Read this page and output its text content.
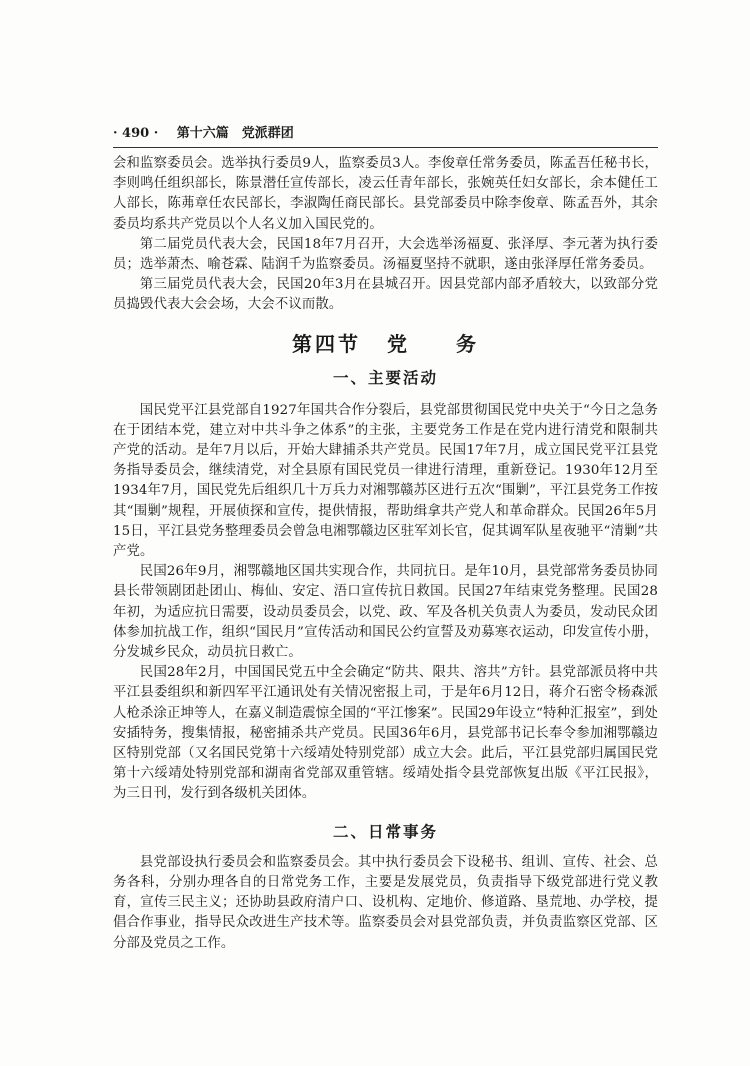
· 490 · 第十六篇　党派群团

会和监察委员会。选举执行委员9人，监察委员3人。李俊章任常务委员，陈孟吾任秘书长，李则鸣任组织部长，陈景潜任宣传部长，凌云任青年部长，张婉英任妇女部长，余本健任工人部长，陈茀章任农民部长，李淑陶任商民部长。县党部委员中除李俊章、陈孟吾外，其余委员均系共产党员以个人名义加入国民党的。

第二届党员代表大会，民国18年7月召开，大会选举汤福夏、张泽厚、李元著为执行委员；选举萧杰、喻苍霖、陆润千为监察委员。汤福夏坚持不就职，遂由张泽厚任常务委员。

第三届党员代表大会，民国20年3月在县城召开。因县党部内部矛盾较大，以致部分党员捣毁代表大会会场，大会不议而散。

第四节 党　　务
一、主要活动

国民党平江县党部自1927年国共合作分裂后，县党部贯彻国民党中央关于“今日之急务在于团结本党，建立对中共斗争之体系”的主张，主要党务工作是在党内进行清党和限制共产党的活动。是年7月以后，开始大肆捕杀共产党员。民国17年7月，成立国民党平江县党务指导委员会，继续清党，对全县原有国民党员一律进行清理，重新登记。1930年12月至1934年7月，国民党先后组织几十万兵力对湘鄂赣苏区进行五次“围剿”，平江县党务工作按其“围剿”规程，开展侦探和宣传，提供情报，帮助缉拿共产党人和革命群众。民国26年5月15日，平江县党务整理委员会曾急电湘鄂赣边区驻军刘长官，促其调军队星夜驰平“清剿”共产党。

民国26年9月，湘鄂赣地区国共实现合作，共同抗日。是年10月，县党部常务委员协同县长带领剧团赴团山、梅仙、安定、浯口宣传抗日救国。民国27年结束党务整理。民国28年初，为适应抗日需要，设动员委员会，以党、政、军及各机关负责人为委员，发动民众团体参加抗战工作，组织“国民月”宣传活动和国民公约宣誓及劝募寒衣运动，印发宣传小册，分发城乡民众，动员抗日救亡。

民国28年2月，中国国民党五中全会确定“防共、限共、溶共”方针。县党部派员将中共平江县委组织和新四军平江通讯处有关情况密报上司，于是年6月12日，蒋介石密令杨森派人枪杀涂正坤等人，在嘉义制造震惊全国的“平江惨案”。民国29年设立“特种汇报室”，到处安插特务，搜集情报，秘密捕杀共产党员。民国36年6月，县党部书记长奉令参加湘鄂赣边区特别党部（又名国民党第十六绥靖处特别党部）成立大会。此后，平江县党部归属国民党第十六绥靖处特别党部和湖南省党部双重管辖。绥靖处指令县党部恢复出版《平江民报》，为三日刊，发行到各级机关团体。

二、日常事务

县党部设执行委员会和监察委员会。其中执行委员会下设秘书、组训、宣传、社会、总务各科，分别办理各自的日常党务工作，主要是发展党员，负责指导下级党部进行党义教育，宣传三民主义；还协助县政府清户口、设机构、定地价、修道路、垦荒地、办学校，提倡合作事业，指导民众改进生产技术等。监察委员会对县党部负责，并负责监察区党部、区分部及党员之工作。
